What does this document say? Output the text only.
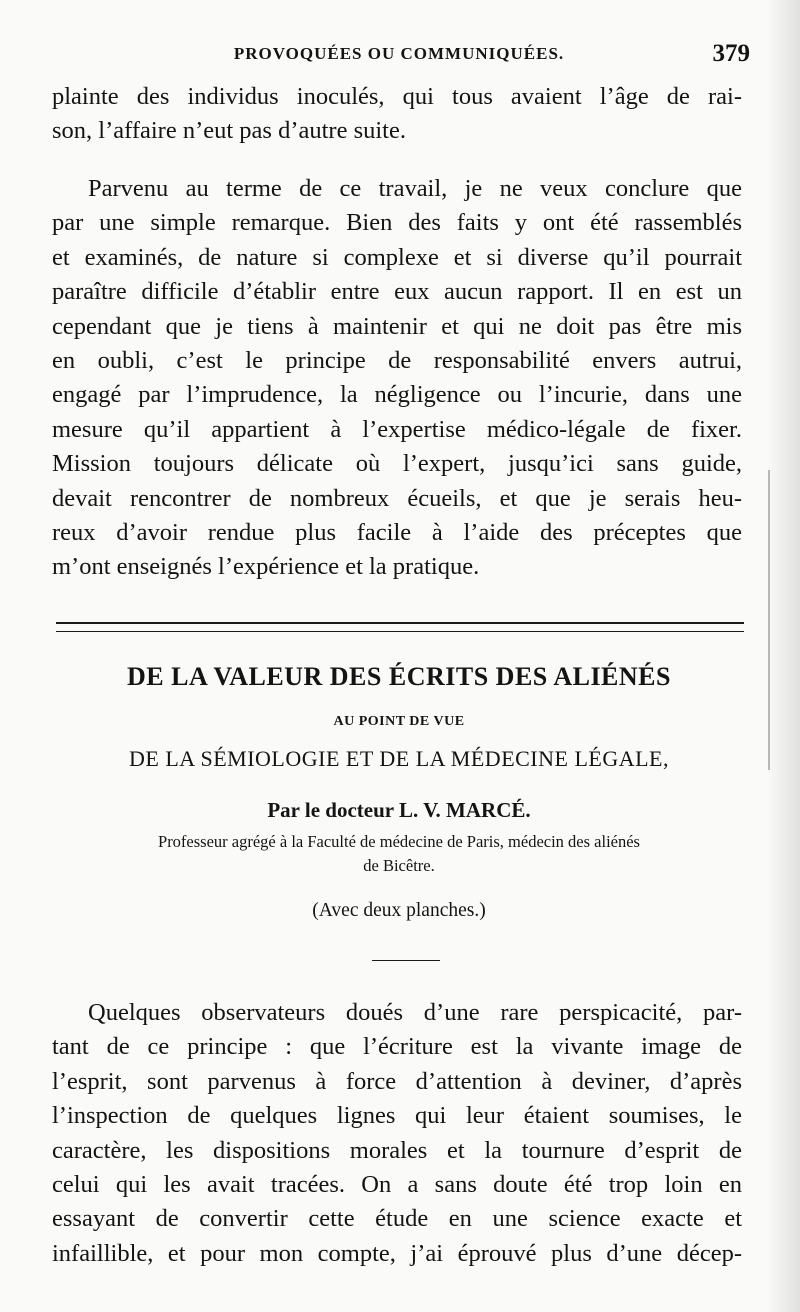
PROVOQUÉES OU COMMUNIQUÉES.	379
plainte des individus inoculés, qui tous avaient l’âge de rai-
son, l’affaire n’eut pas d’autre suite.
Parvenu au terme de ce travail, je ne veux conclure que
par une simple remarque. Bien des faits y ont été rassemblés
et examinés, de nature si complexe et si diverse qu’il pourrait
paraître difficile d’établir entre eux aucun rapport. Il en est un
cependant que je tiens à maintenir et qui ne doit pas être mis
en oubli, c’est le principe de responsabilité envers autrui,
engagé par l’imprudence, la négligence ou l’incurie, dans une
mesure qu’il appartient à l’expertise médico-légale de fixer.
Mission toujours délicate où l’expert, jusqu’ici sans guide,
devait rencontrer de nombreux écueils, et que je serais heu-
reux d’avoir rendue plus facile à l’aide des préceptes que
m’ont enseignés l’expérience et la pratique.
DE LA VALEUR DES ÉCRITS DES ALIÉNÉS
AU POINT DE VUE
DE LA SÉMIOLOGIE ET DE LA MÉDECINE LÉGALE,
Par le docteur L. V. MARCÉ.
Professeur agrégé à la Faculté de médecine de Paris, médecin des aliénés
de Bicêtre.
(Avec deux planches.)
Quelques observateurs doués d’une rare perspicacité, par-
tant de ce principe : que l’écriture est la vivante image de
l’esprit, sont parvenus à force d’attention à deviner, d’après
l’inspection de quelques lignes qui leur étaient soumises, le
caractère, les dispositions morales et la tournure d’esprit de
celui qui les avait tracées. On a sans doute été trop loin en
essayant de convertir cette étude en une science exacte et
infaillible, et pour mon compte, j’ai éprouvé plus d’une décep-
